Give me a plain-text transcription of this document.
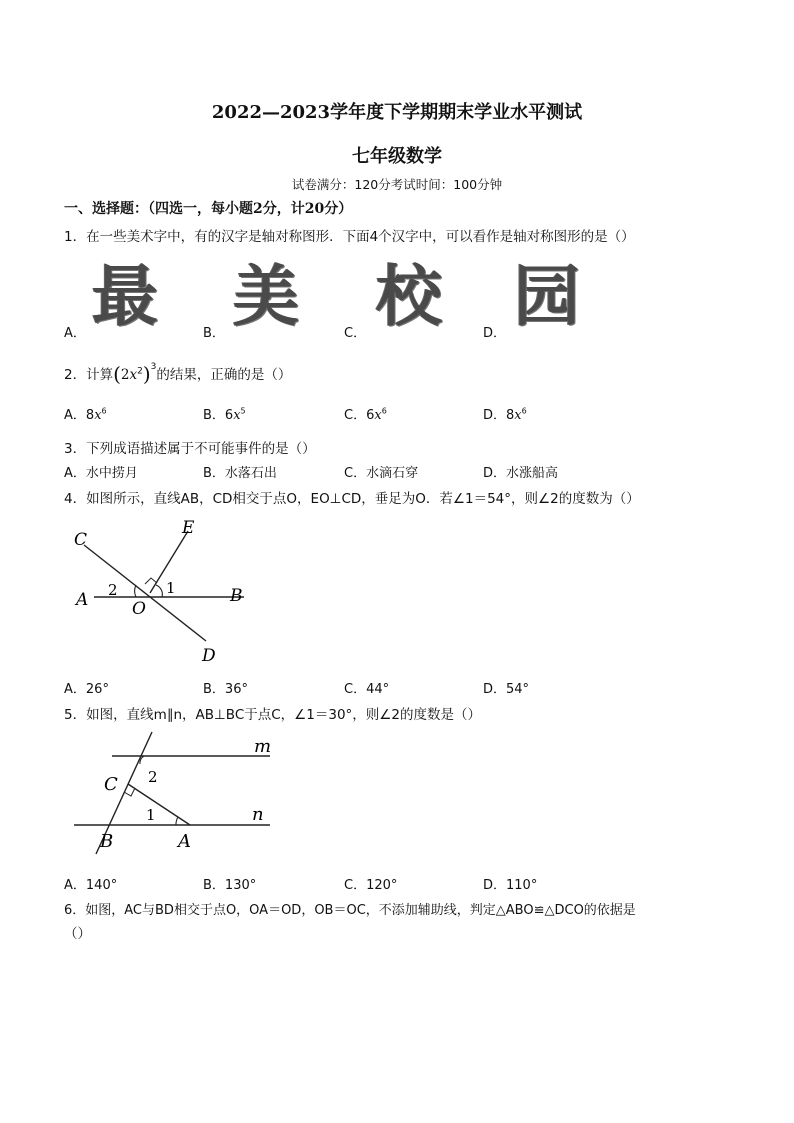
2022—2023学年度下学期期末学业水平测试
七年级数学
试卷满分：120分考试时间：100分钟
一、选择题：（四选一，每小题2分，计20分）
1．在一些美术字中，有的汉字是轴对称图形．下面4个汉字中，可以看作是轴对称图形的是（）
最 美 校 园
A．	B．	C．	D．
2．计算$(2x^2)^3$的结果，正确的是（）
A．$8x^6$	B．$6x^5$	C．$6x^6$	D．$8x^6$
3．下列成语描述属于不可能事件的是（）
A．水中捞月	B．水落石出	C．水滴石穿	D．水涨船高
4．如图所示，直线AB，CD相交于点O，EO⊥CD，垂足为O．若∠1＝54°，则∠2的度数为（）
C
E
A	B
O
D
1
2
A．26°	B．36°	C．44°	D．54°
5．如图，直线m∥n，AB⊥BC于点C，∠1＝30°，则∠2的度数是（）
m
n
C
B	A
1
2
A．140°	B．130°	C．120°	D．110°
6．如图，AC与BD相交于点O，OA＝OD，OB＝OC，不添加辅助线，判定△ABO≌△DCO的依据是
（）
